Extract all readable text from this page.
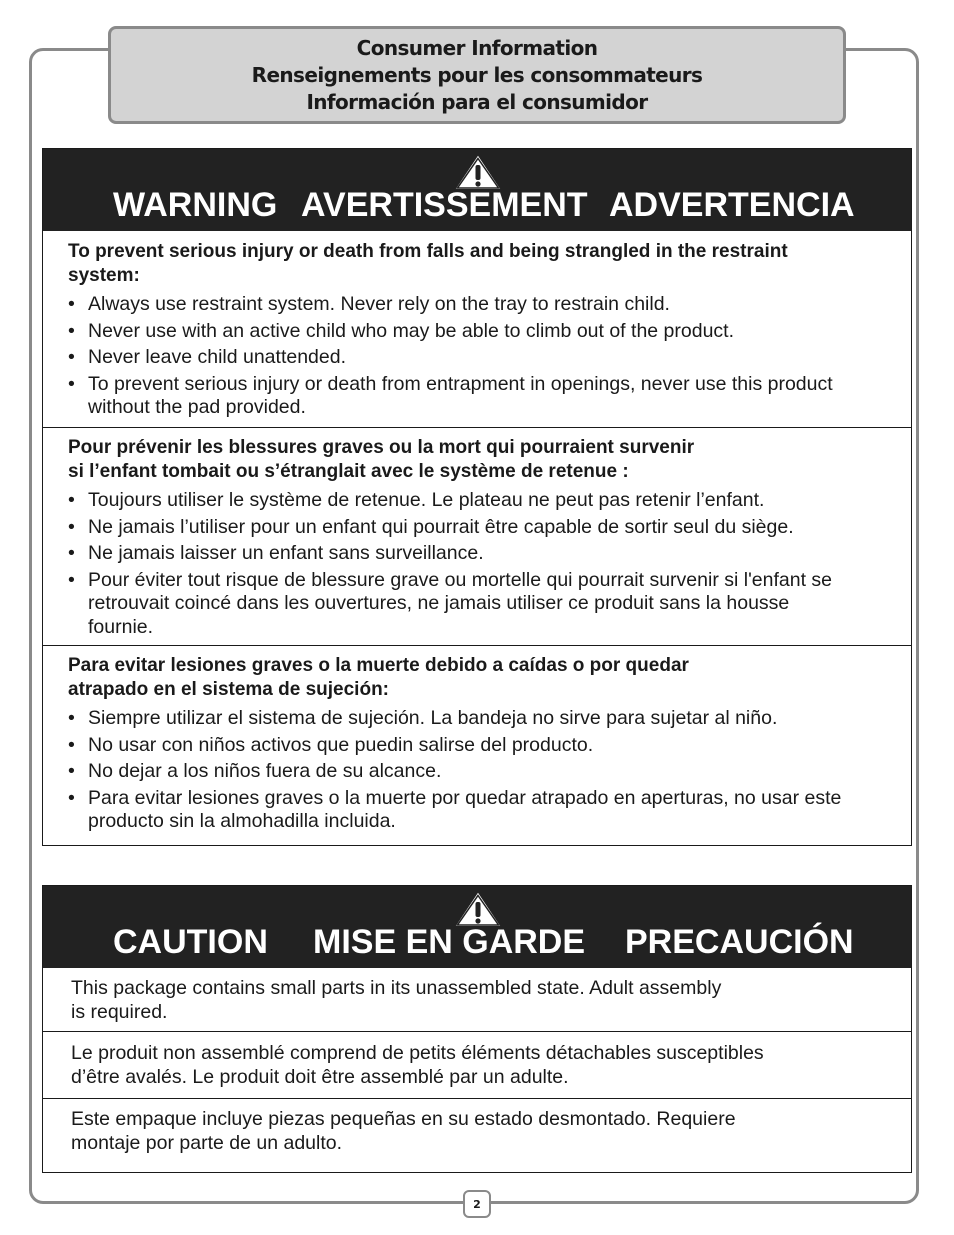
Consumer Information
Renseignements pour les consommateurs
Información para el consumidor
WARNING AVERTISSEMENT ADVERTENCIA

To prevent serious injury or death from falls and being strangled in the restraint system:

• Always use restraint system. Never rely on the tray to restrain child.
• Never use with an active child who may be able to climb out of the product.
• Never leave child unattended.
• To prevent serious injury or death from entrapment in openings, never use this product without the pad provided.

Pour prévenir les blessures graves ou la mort qui pourraient survenir
si l’enfant tombait ou s’étranglait avec le système de retenue :

• Toujours utiliser le système de retenue. Le plateau ne peut pas retenir l’enfant.
• Ne jamais l’utiliser pour un enfant qui pourrait être capable de sortir seul du siège.
• Ne jamais laisser un enfant sans surveillance.
• Pour éviter tout risque de blessure grave ou mortelle qui pourrait survenir si l'enfant se retrouvait coincé dans les ouvertures, ne jamais utiliser ce produit sans la housse fournie.

Para evitar lesiones graves o la muerte debido a caídas o por quedar
atrapado en el sistema de sujeción:

• Siempre utilizar el sistema de sujeción. La bandeja no sirve para sujetar al niño.
• No usar con niños activos que puedin salirse del producto.
• No dejar a los niños fuera de su alcance.
• Para evitar lesiones graves o la muerte por quedar atrapado en aperturas, no usar este producto sin la almohadilla incluida.
CAUTION MISE EN GARDE PRECAUCIÓN

This package contains small parts in its unassembled state. Adult assembly
is required.

Le produit non assemblé comprend de petits éléments détachables susceptibles
d’être avalés. Le produit doit être assemblé par un adulte.

Este empaque incluye piezas pequeñas en su estado desmontado. Requiere
montaje por parte de un adulto.

2
